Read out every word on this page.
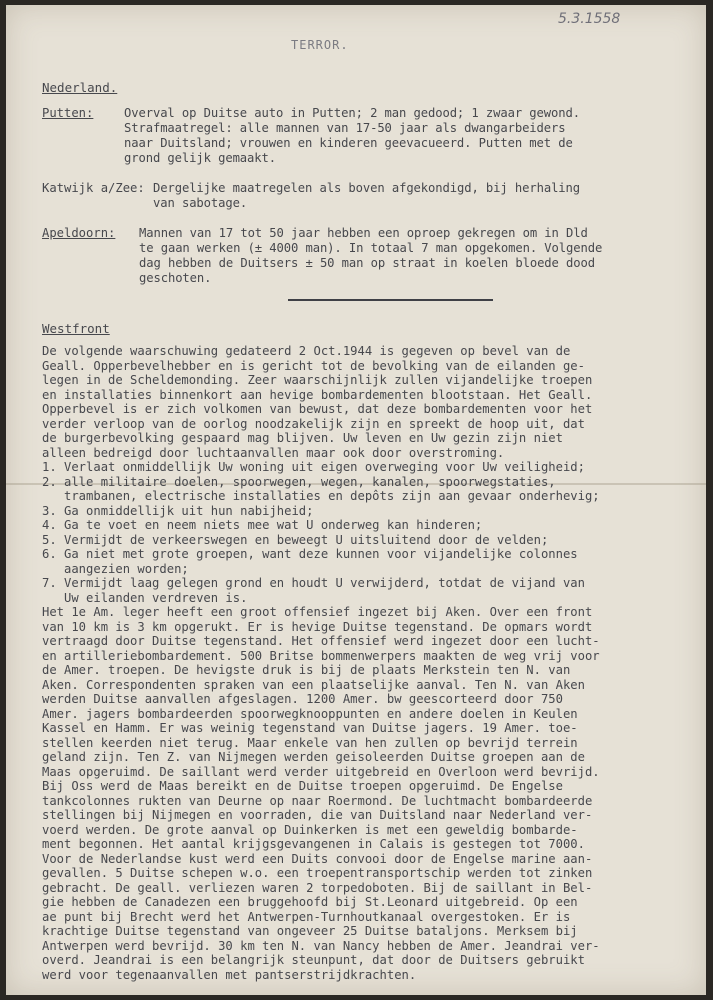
5.3.1558
TERROR.
Nederland.
Putten:	Overval op Duitse auto in Putten; 2 man gedood; 1 zwaar gewond.
Strafmaatregel: alle mannen van 17-50 jaar als dwangarbeiders
naar Duitsland; vrouwen en kinderen geevacueerd. Putten met de
grond gelijk gemaakt.
Katwijk a/Zee: Dergelijke maatregelen als boven afgekondigd, bij herhaling
van sabotage.
Apeldoorn: Mannen van 17 tot 50 jaar hebben een oproep gekregen om in Dld
te gaan werken (± 4000 man). In totaal 7 man opgekomen. Volgende
dag hebben de Duitsers ± 50 man op straat in koelen bloede dood
geschoten.
Westfront
De volgende waarschuwing gedateerd 2 Oct.1944 is gegeven op bevel van de
Geall. Opperbevelhebber en is gericht tot de bevolking van de eilanden ge-
legen in de Scheldemonding. Zeer waarschijnlijk zullen vijandelijke troepen
en installaties binnenkort aan hevige bombardementen blootstaan. Het Geall.
Opperbevel is er zich volkomen van bewust, dat deze bombardementen voor het
verder verloop van de oorlog noodzakelijk zijn en spreekt de hoop uit, dat
de burgerbevolking gespaard mag blijven. Uw leven en Uw gezin zijn niet
alleen bedreigd door luchtaanvallen maar ook door overstroming.
1. Verlaat onmiddellijk Uw woning uit eigen overweging voor Uw veiligheid;
2. alle militaire doelen, spoorwegen, wegen, kanalen, spoorwegstaties,
trambanen, electrische installaties en depôts zijn aan gevaar onderhevig;
3. Ga onmiddellijk uit hun nabijheid;
4. Ga te voet en neem niets mee wat U onderweg kan hinderen;
5. Vermijdt de verkeerswegen en beweegt U uitsluitend door de velden;
6. Ga niet met grote groepen, want deze kunnen voor vijandelijke colonnes
aangezien worden;
7. Vermijdt laag gelegen grond en houdt U verwijderd, totdat de vijand van
Uw eilanden verdreven is.
Het 1e Am. leger heeft een groot offensief ingezet bij Aken. Over een front
van 10 km is 3 km opgerukt. Er is hevige Duitse tegenstand. De opmars wordt
vertraagd door Duitse tegenstand. Het offensief werd ingezet door een lucht-
en artilleriebombardement. 500 Britse bommenwerpers maakten de weg vrij voor
de Amer. troepen. De hevigste druk is bij de plaats Merkstein ten N. van
Aken. Correspondenten spraken van een plaatselijke aanval. Ten N. van Aken
werden Duitse aanvallen afgeslagen. 1200 Amer. bw geescorteerd door 750
Amer. jagers bombardeerden spoorwegknooppunten en andere doelen in Keulen
Kassel en Hamm. Er was weinig tegenstand van Duitse jagers. 19 Amer. toe-
stellen keerden niet terug. Maar enkele van hen zullen op bevrijd terrein
geland zijn. Ten Z. van Nijmegen werden geisoleerden Duitse groepen aan de
Maas opgeruimd. De saillant werd verder uitgebreid en Overloon werd bevrijd.
Bij Oss werd de Maas bereikt en de Duitse troepen opgeruimd. De Engelse
tankcolonnes rukten van Deurne op naar Roermond. De luchtmacht bombardeerde
stellingen bij Nijmegen en voorraden, die van Duitsland naar Nederland ver-
voerd werden. De grote aanval op Duinkerken is met een geweldig bombarde-
ment begonnen. Het aantal krijgsgevangenen in Calais is gestegen tot 7000.
Voor de Nederlandse kust werd een Duits convooi door de Engelse marine aan-
gevallen. 5 Duitse schepen w.o. een troepentransportschip werden tot zinken
gebracht. De geall. verliezen waren 2 torpedoboten. Bij de saillant in Bel-
gie hebben de Canadezen een bruggehoofd bij St.Leonard uitgebreid. Op een
ae punt bij Brecht werd het Antwerpen-Turnhoutkanaal overgestoken. Er is
krachtige Duitse tegenstand van ongeveer 25 Duitse bataljons. Merksem bij
Antwerpen werd bevrijd. 30 km ten N. van Nancy hebben de Amer. Jeandrai ver-
overd. Jeandrai is een belangrijk steunpunt, dat door de Duitsers gebruikt
werd voor tegenaanvallen met pantserstrijdkrachten.
